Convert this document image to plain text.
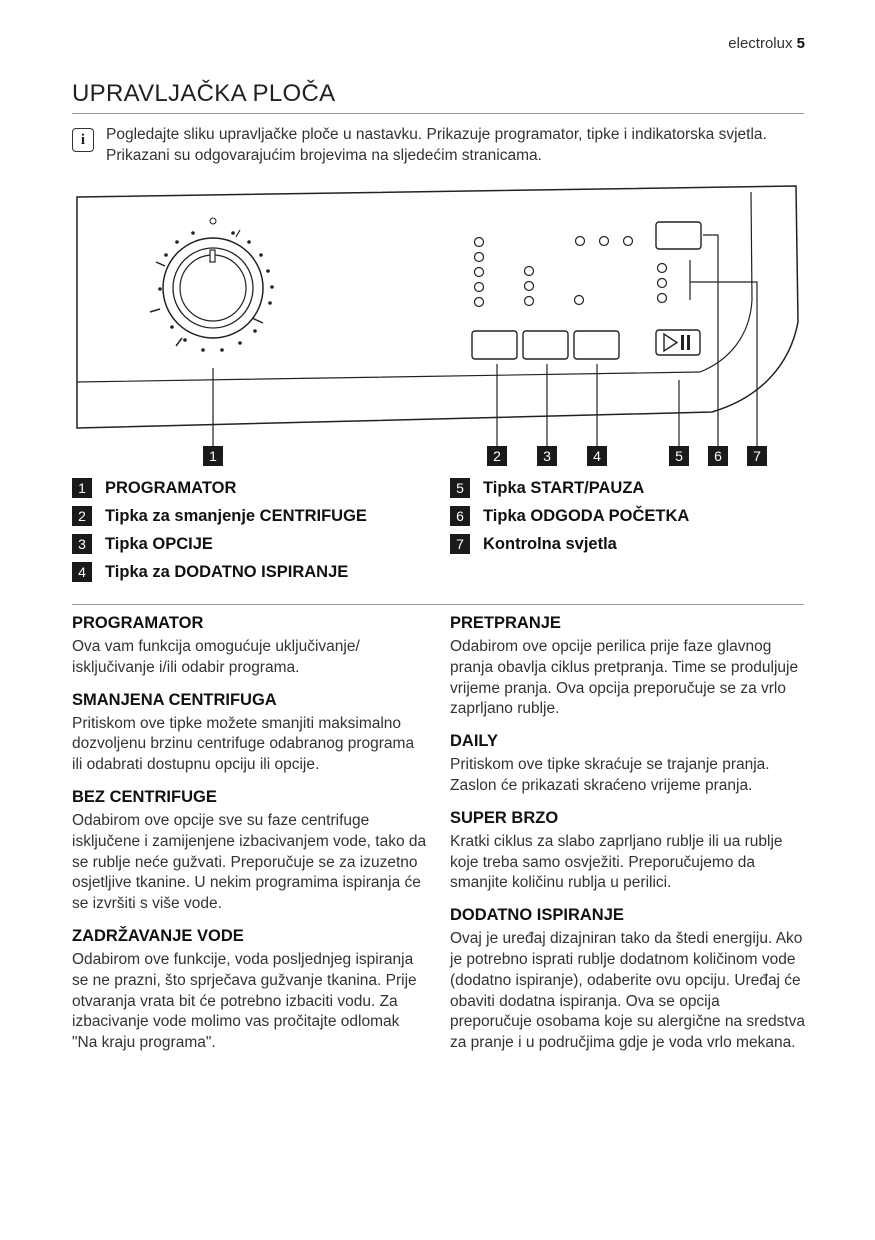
electrolux 5
UPRAVLJAČKA PLOČA
i	Pogledajte sliku upravljačke ploče u nastavku. Prikazuje programator, tipke i indikatorska svjetla. Prikazani su odgovarajućim brojevima na sljedećim stranicama.
1	2	3	4	5 6 7
1	PROGRAMATOR
2	Tipka za smanjenje CENTRIFUGE
3	Tipka OPCIJE
4	Tipka za DODATNO ISPIRANJE
5	Tipka START/PAUZA
6	Tipka ODGODA POČETKA
7	Kontrolna svjetla
PROGRAMATOR

Ova vam funkcija omogućuje uključivanje/ isključivanje i/ili odabir programa.

SMANJENA CENTRIFUGA

Pritiskom ove tipke možete smanjiti maksimalno dozvoljenu brzinu centrifuge odabranog programa ili odabrati dostupnu opciju ili opcije.

BEZ CENTRIFUGE

Odabirom ove opcije sve su faze centrifuge isključene i zamijenjene izbacivanjem vode, tako da se rublje neće gužvati. Preporučuje se za izuzetno osjetljive tkanine. U nekim programima ispiranja će se izvršiti s više vode.

ZADRŽAVANJE VODE

Odabirom ove funkcije, voda posljednjeg ispiranja se ne prazni, što sprječava gužvanje tkanina. Prije otvaranja vrata bit će potrebno izbaciti vodu. Za izbacivanje vode molimo vas pročitajte odlomak "Na kraju programa".

PRETPRANJE

Odabirom ove opcije perilica prije faze glavnog pranja obavlja ciklus pretpranja. Time se produljuje vrijeme pranja. Ova opcija preporučuje se za vrlo zaprljano rublje.

DAILY

Pritiskom ove tipke skraćuje se trajanje pranja. Zaslon će prikazati skraćeno vrijeme pranja.

SUPER BRZO

Kratki ciklus za slabo zaprljano rublje ili ua rublje koje treba samo osvježiti. Preporučujemo da smanjite količinu rublja u perilici.

DODATNO ISPIRANJE

Ovaj je uređaj dizajniran tako da štedi energiju. Ako je potrebno isprati rublje dodatnom količinom vode (dodatno ispiranje), odaberite ovu opciju. Uređaj će obaviti dodatna ispiranja. Ova se opcija preporučuje osobama koje su alergične na sredstva za pranje i u područjima gdje je voda vrlo mekana.
